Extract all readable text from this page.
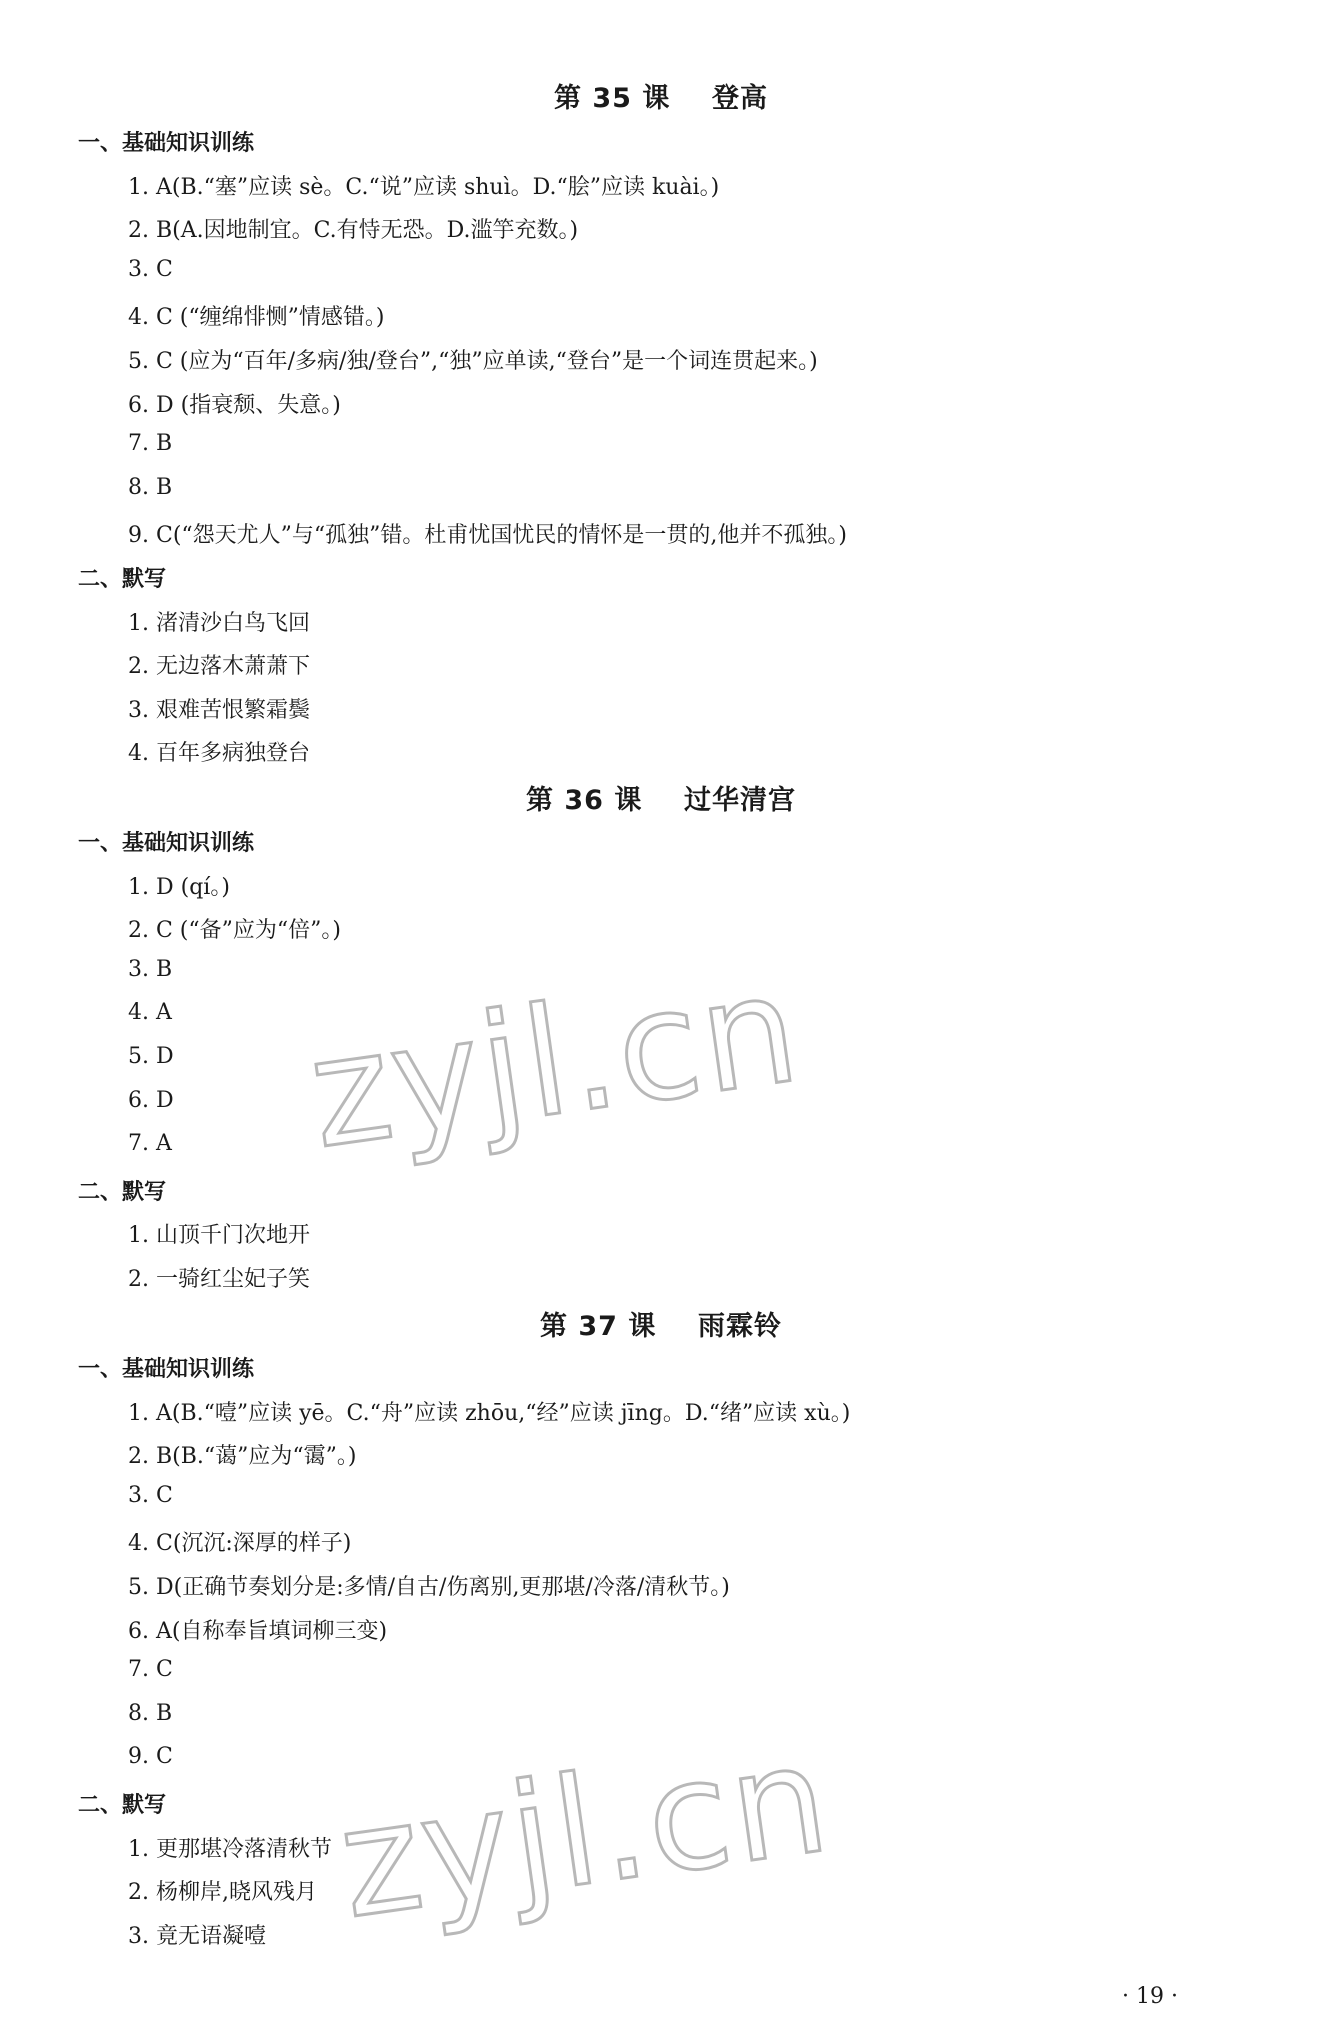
zyjl.cn
zyjl.cn
第 35 课    登高
一、基础知识训练
1. A(B.“塞”应读 sè。C.“说”应读 shuì。D.“脍”应读 kuài。)
2. B(A.因地制宜。C.有恃无恐。D.滥竽充数。)
3. C
4. C (“缠绵悱恻”情感错。)
5. C (应为“百年/多病/独/登台”,“独”应单读,“登台”是一个词连贯起来。)
6. D (指衰颓、失意。)
7. B
8. B
9. C(“怨天尤人”与“孤独”错。杜甫忧国忧民的情怀是一贯的,他并不孤独。)
二、默写
1. 渚清沙白鸟飞回
2. 无边落木萧萧下
3. 艰难苦恨繁霜鬓
4. 百年多病独登台
第 36 课    过华清宫
一、基础知识训练
1. D (qí。)
2. C (“备”应为“倍”。)
3. B
4. A
5. D
6. D
7. A
二、默写
1. 山顶千门次地开
2. 一骑红尘妃子笑
第 37 课    雨霖铃
一、基础知识训练
1. A(B.“噎”应读 yē。C.“舟”应读 zhōu,“经”应读 jīng。D.“绪”应读 xù。)
2. B(B.“蔼”应为“霭”。)
3. C
4. C(沉沉:深厚的样子)
5. D(正确节奏划分是:多情/自古/伤离别,更那堪/冷落/清秋节。)
6. A(自称奉旨填词柳三变)
7. C
8. B
9. C
二、默写
1. 更那堪冷落清秋节
2. 杨柳岸,晓风残月
3. 竟无语凝噎
· 19 ·
